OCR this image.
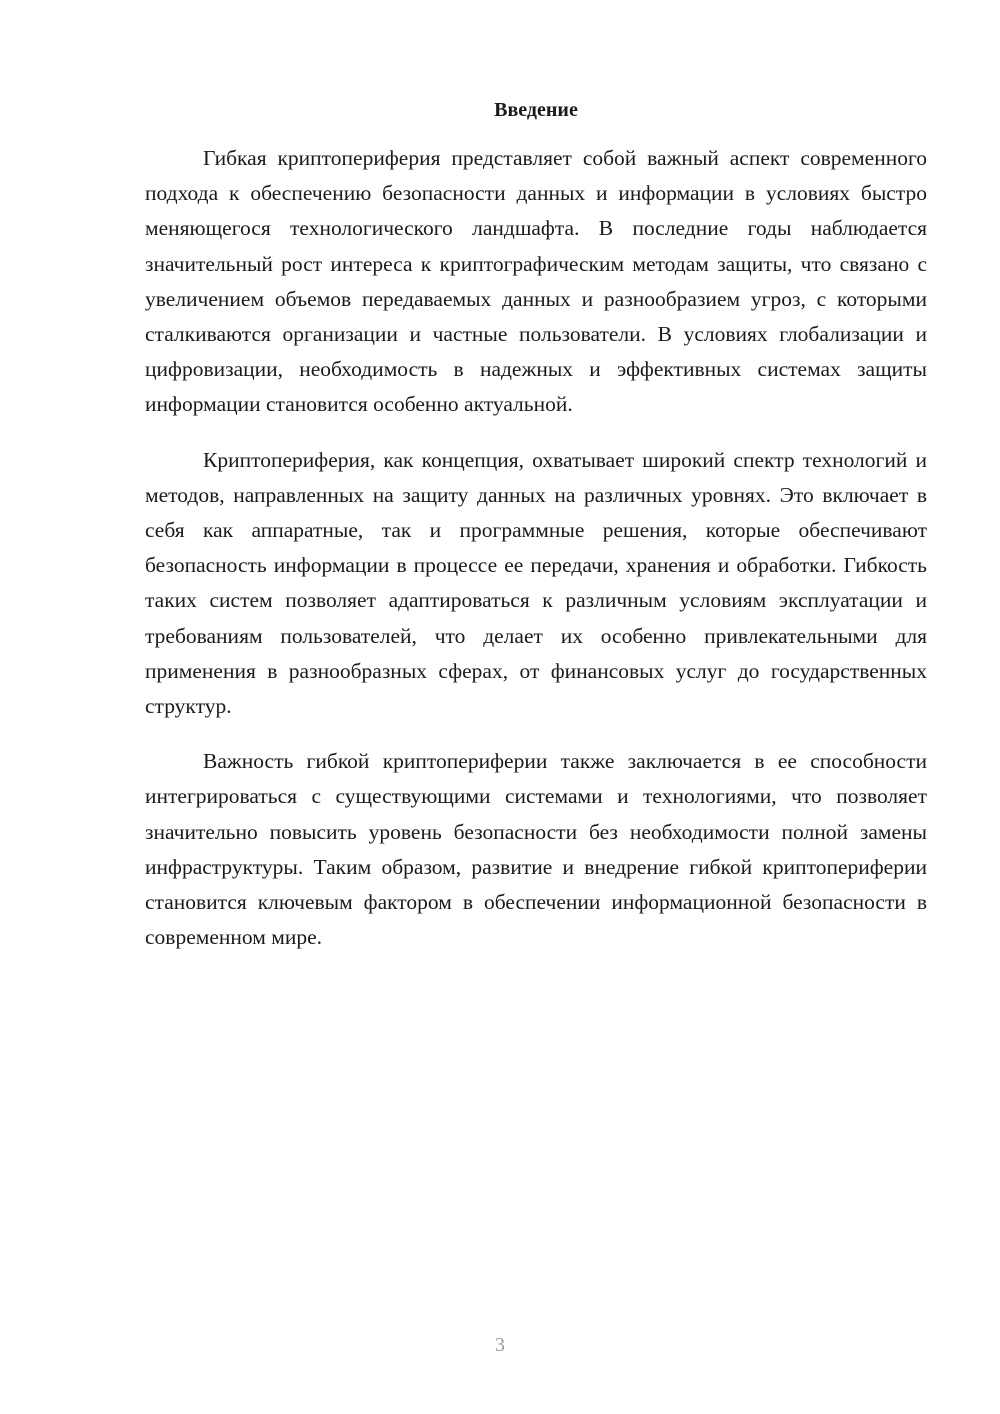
Введение

Гибкая криптопериферия представляет собой важный аспект современного подхода к обеспечению безопасности данных и информации в условиях быстро меняющегося технологического ландшафта. В последние годы наблюдается значительный рост интереса к криптографическим методам защиты, что связано с увеличением объемов передаваемых данных и разнообразием угроз, с которыми сталкиваются организации и частные пользователи. В условиях глобализации и цифровизации, необходимость в надежных и эффективных системах защиты информации становится особенно актуальной.

Криптопериферия, как концепция, охватывает широкий спектр технологий и методов, направленных на защиту данных на различных уровнях. Это включает в себя как аппаратные, так и программные решения, которые обеспечивают безопасность информации в процессе ее передачи, хранения и обработки. Гибкость таких систем позволяет адаптироваться к различным условиям эксплуатации и требованиям пользователей, что делает их особенно привлекательными для применения в разнообразных сферах, от финансовых услуг до государственных структур.

Важность гибкой криптопериферии также заключается в ее способности интегрироваться с существующими системами и технологиями, что позволяет значительно повысить уровень безопасности без необходимости полной замены инфраструктуры. Таким образом, развитие и внедрение гибкой криптопериферии становится ключевым фактором в обеспечении информационной безопасности в современном мире.

3
